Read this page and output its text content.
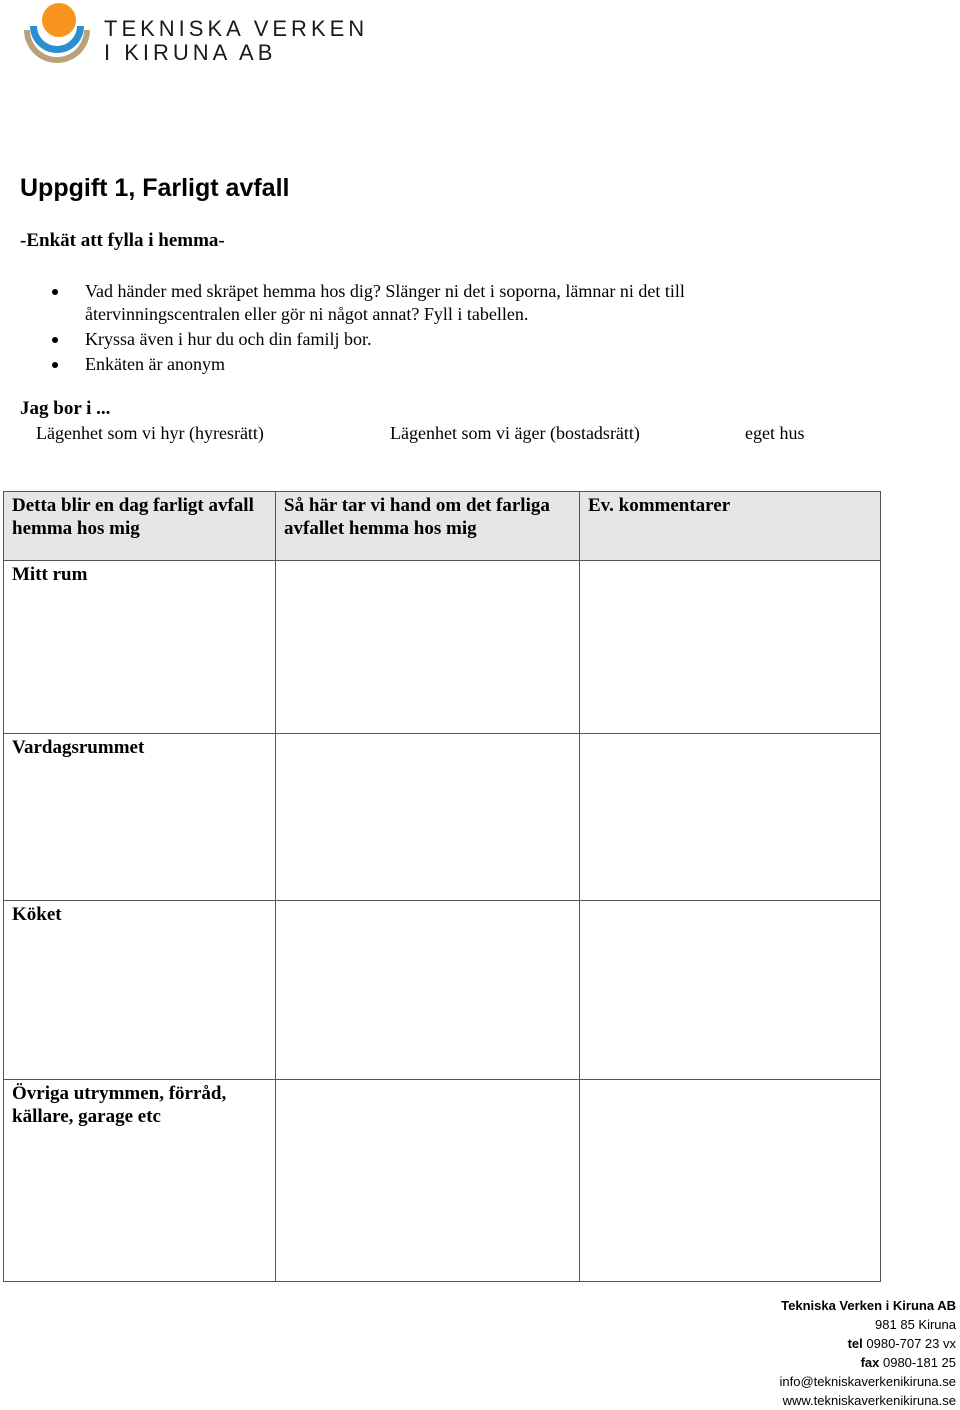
TEKNISKA VERKEN
I KIRUNA AB
Uppgift 1, Farligt avfall

-Enkät att fylla i hemma-

Vad händer med skräpet hemma hos dig? Slänger ni det i soporna, lämnar ni det till återvinningscentralen eller gör ni något annat? Fyll i tabellen.
Kryssa även i hur du och din familj bor.
Enkäten är anonym
Jag bor i ...
Lägenhet som vi hyr (hyresrätt)	Lägenhet som vi äger (bostadsrätt)	eget hus
Detta blir en dag farligt avfall hemma hos mig	Så här tar vi hand om det farliga avfallet hemma hos mig	Ev. kommentarer
Mitt rum		
Vardagsrummet		
Köket		
Övriga utrymmen, förråd, källare, garage etc		
Tekniska Verken i Kiruna AB
981 85 Kiruna
tel 0980-707 23 vx
fax 0980-181 25
info@tekniskaverkenikiruna.se
www.tekniskaverkenikiruna.se
